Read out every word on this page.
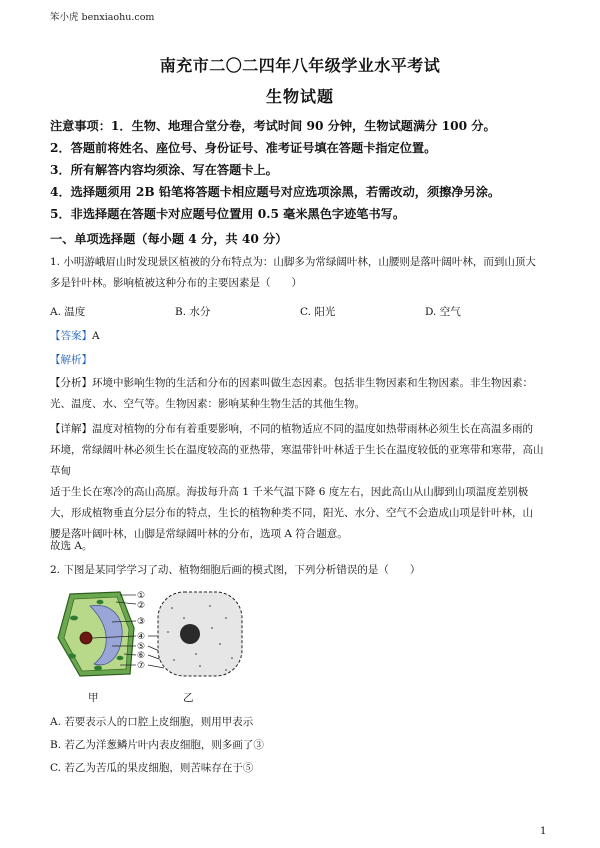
笨小虎 benxiaohu.com
南充市二〇二四年八年级学业水平考试
生物试题
注意事项：1．生物、地理合堂分卷，考试时间 90 分钟，生物试题满分 100 分。
2．答题前将姓名、座位号、身份证号、准考证号填在答题卡指定位置。
3．所有解答内容均须涂、写在答题卡上。
4．选择题须用 2B 铅笔将答题卡相应题号对应选项涂黑，若需改动，须擦净另涂。
5．非选择题在答题卡对应题号位置用 0.5 毫米黑色字迹笔书写。
一、单项选择题（每小题 4 分，共 40 分）

1. 小明游峨眉山时发现景区植被的分布特点为：山脚多为常绿阔叶林，山腰则是落叶阔叶林，而到山顶大

多是针叶林。影响植被这种分布的主要因素是（　　）

A. 温度	B. 水分	C. 阳光	D. 空气
【答案】A
【解析】

【分析】环境中影响生物的生活和分布的因素叫做生态因素。包括非生物因素和生物因素。非生物因素：

光、温度、水、空气等。生物因素：影响某种生物生活的其他生物。

【详解】温度对植物的分布有着重要影响，不同的植物适应不同的温度如热带雨林必须生长在高温多雨的

环境，常绿阔叶林必须生长在温度较高的亚热带，寒温带针叶林适于生长在温度较低的亚寒带和寒带，高山草甸

适于生长在寒冷的高山高原。海拔每升高 1 千米气温下降 6 度左右，因此高山从山脚到山项温度差别极

大，形成植物垂直分层分布的特点，生长的植物种类不同，阳光、水分、空气不会造成山项是针叶林，山

腰是落叶阔叶林，山脚是常绿阔叶林的分布，选项 A 符合题意。

故选 A。

2. 下图是某同学学习了动、植物细胞后画的模式图，下列分析错误的是（　　）

①
②
③
④
⑤
⑥
⑦
甲	乙
A. 若要表示人的口腔上皮细胞，则用甲表示
B. 若乙为洋葱鳞片叶内表皮细胞，则多画了③
C. 若乙为苦瓜的果皮细胞，则苦味存在于⑤
1
